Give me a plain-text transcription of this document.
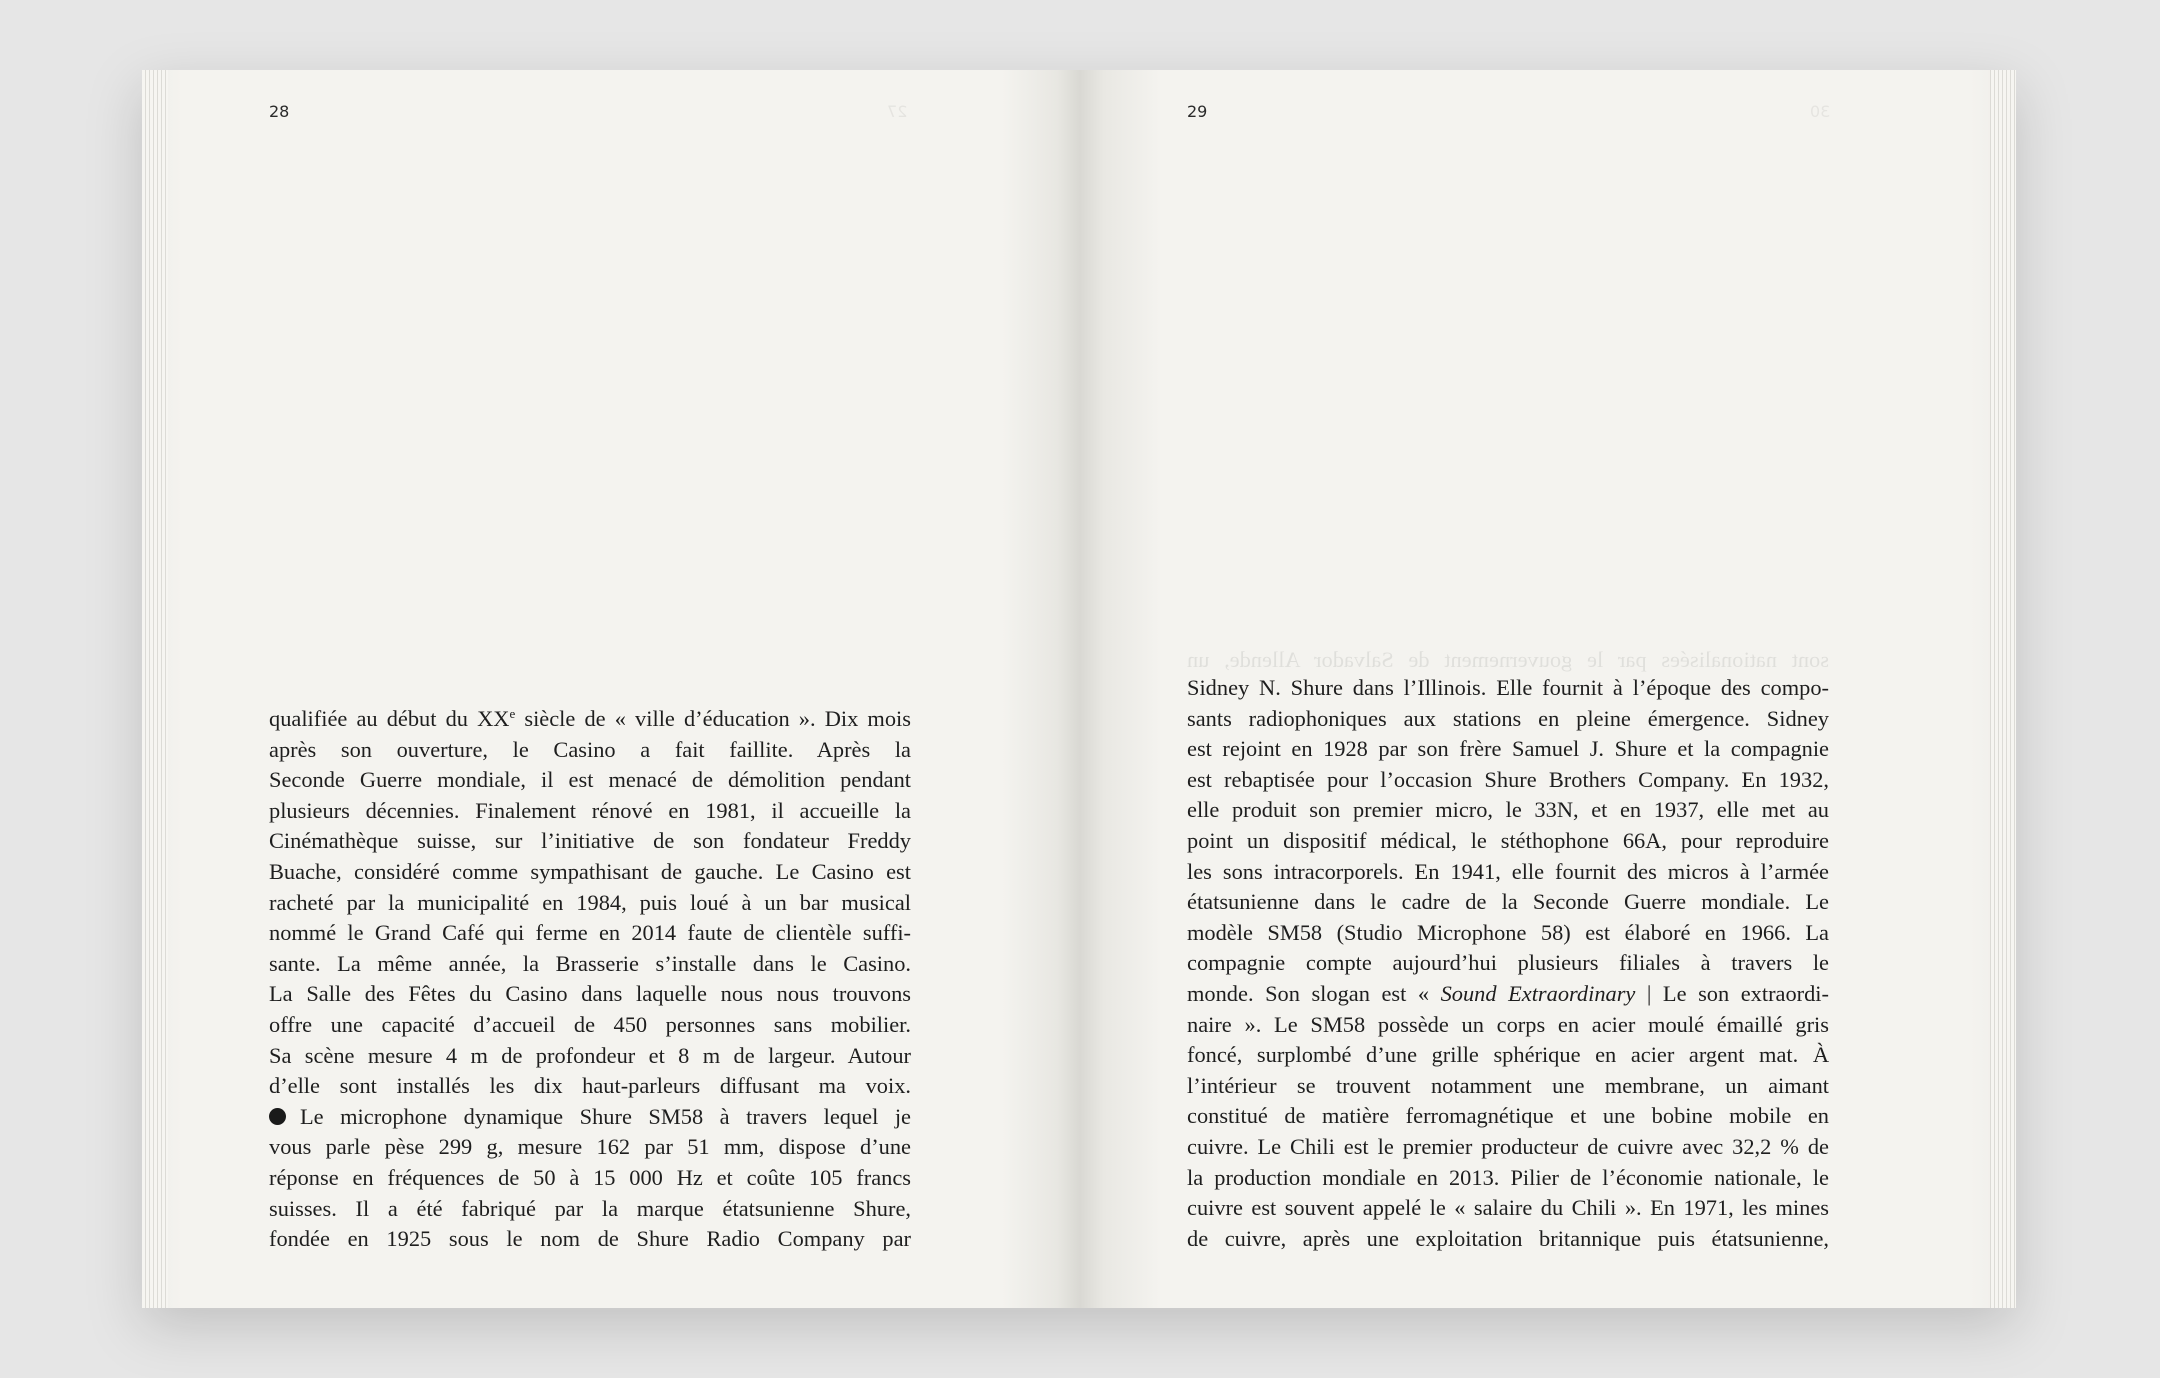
28	27
qualifiée au début du XXe siècle de « ville d’éducation ». Dix mois
après son ouverture, le Casino a fait faillite. Après la
Seconde Guerre mondiale, il est menacé de démolition pendant
plusieurs décennies. Finalement rénové en 1981, il accueille la
Cinémathèque suisse, sur l’initiative de son fondateur Freddy
Buache, considéré comme sympathisant de gauche. Le Casino est
racheté par la municipalité en 1984, puis loué à un bar musical
nommé le Grand Café qui ferme en 2014 faute de clientèle suffi-
sante. La même année, la Brasserie s’installe dans le Casino.
La Salle des Fêtes du Casino dans laquelle nous nous trouvons
offre une capacité d’accueil de 450 personnes sans mobilier.
Sa scène mesure 4 m de profondeur et 8 m de largeur. Autour
d’elle sont installés les dix haut-parleurs diffusant ma voix.
Le microphone dynamique Shure SM58 à travers lequel je
vous parle pèse 299 g, mesure 162 par 51 mm, dispose d’une
réponse en fréquences de 50 à 15 000 Hz et coûte 105 francs
suisses. Il a été fabriqué par la marque étatsunienne Shure,
fondée en 1925 sous le nom de Shure Radio Company par
29	30
sont nationalisées par le gouvernement de Salvador Allende, un
Sidney N. Shure dans l’Illinois. Elle fournit à l’époque des compo-
sants radiophoniques aux stations en pleine émergence. Sidney
est rejoint en 1928 par son frère Samuel J. Shure et la compagnie
est rebaptisée pour l’occasion Shure Brothers Company. En 1932,
elle produit son premier micro, le 33N, et en 1937, elle met au
point un dispositif médical, le stéthophone 66A, pour reproduire
les sons intracorporels. En 1941, elle fournit des micros à l’armée
étatsunienne dans le cadre de la Seconde Guerre mondiale. Le
modèle SM58 (Studio Microphone 58) est élaboré en 1966. La
compagnie compte aujourd’hui plusieurs filiales à travers le
monde. Son slogan est « Sound Extraordinary | Le son extraordi-
naire ». Le SM58 possède un corps en acier moulé émaillé gris
foncé, surplombé d’une grille sphérique en acier argent mat. À
l’intérieur se trouvent notamment une membrane, un aimant
constitué de matière ferromagnétique et une bobine mobile en
cuivre. Le Chili est le premier producteur de cuivre avec 32,2 % de
la production mondiale en 2013. Pilier de l’économie nationale, le
cuivre est souvent appelé le « salaire du Chili ». En 1971, les mines
de cuivre, après une exploitation britannique puis étatsunienne,
